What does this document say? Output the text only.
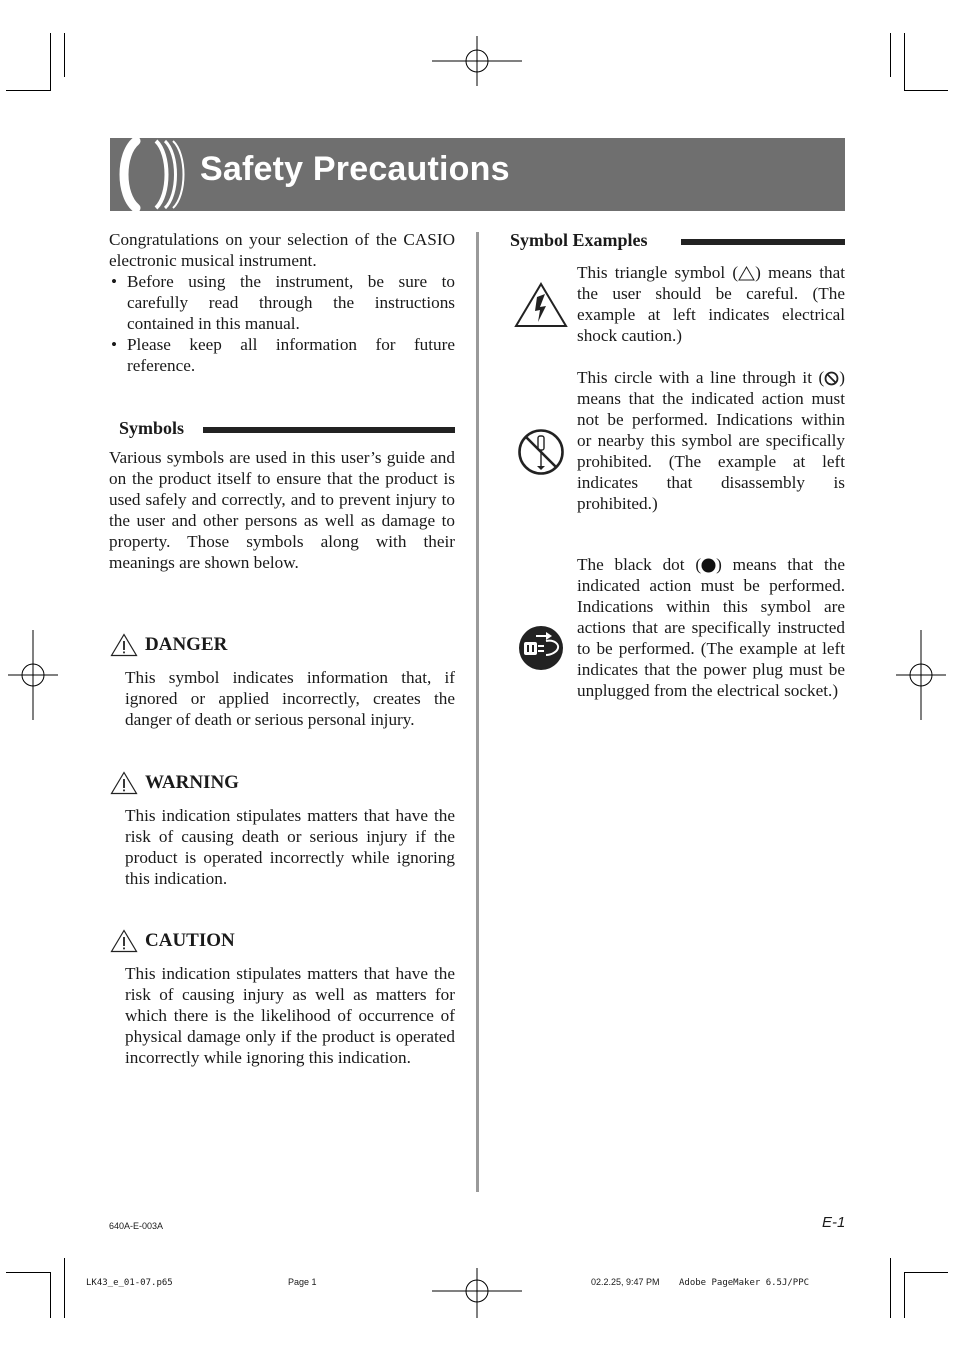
Safety Precautions
Congratulations on your selection of the CASIO electronic musical instrument.
• Before using the instrument, be sure to carefully read through the instructions contained in this manual.
• Please keep all information for future reference.
Symbols
Various symbols are used in this user’s guide and on the product itself to ensure that the product is used safely and correctly, and to prevent injury to the user and other persons as well as damage to property. Those symbols along with their meanings are shown below.
DANGER
This symbol indicates information that, if ignored or applied incorrectly, creates the danger of death or serious personal injury.
WARNING
This indication stipulates matters that have the risk of causing death or serious injury if the product is operated incorrectly while ignoring this indication.
CAUTION
This indication stipulates matters that have the risk of causing injury as well as matters for which there is the likelihood of occurrence of physical damage only if the product is operated incorrectly while ignoring this indication.
Symbol Examples
This triangle symbol ( ) means that the user should be careful. (The example at left indicates electrical shock caution.)
This circle with a line through it ( ) means that the indicated action must not be performed. Indications within or nearby this symbol are specifically prohibited. (The example at left indicates that disassembly is prohibited.)
The black dot ( ) means that the indicated action must be performed. Indications within this symbol are actions that are specifically instructed to be performed. (The example at left indicates that the power plug must be unplugged from the electrical socket.)
640A-E-003A	E-1
LK43_e_01-07.p65	Page 1	02.2.25, 9:47 PM Adobe PageMaker 6.5J/PPC
